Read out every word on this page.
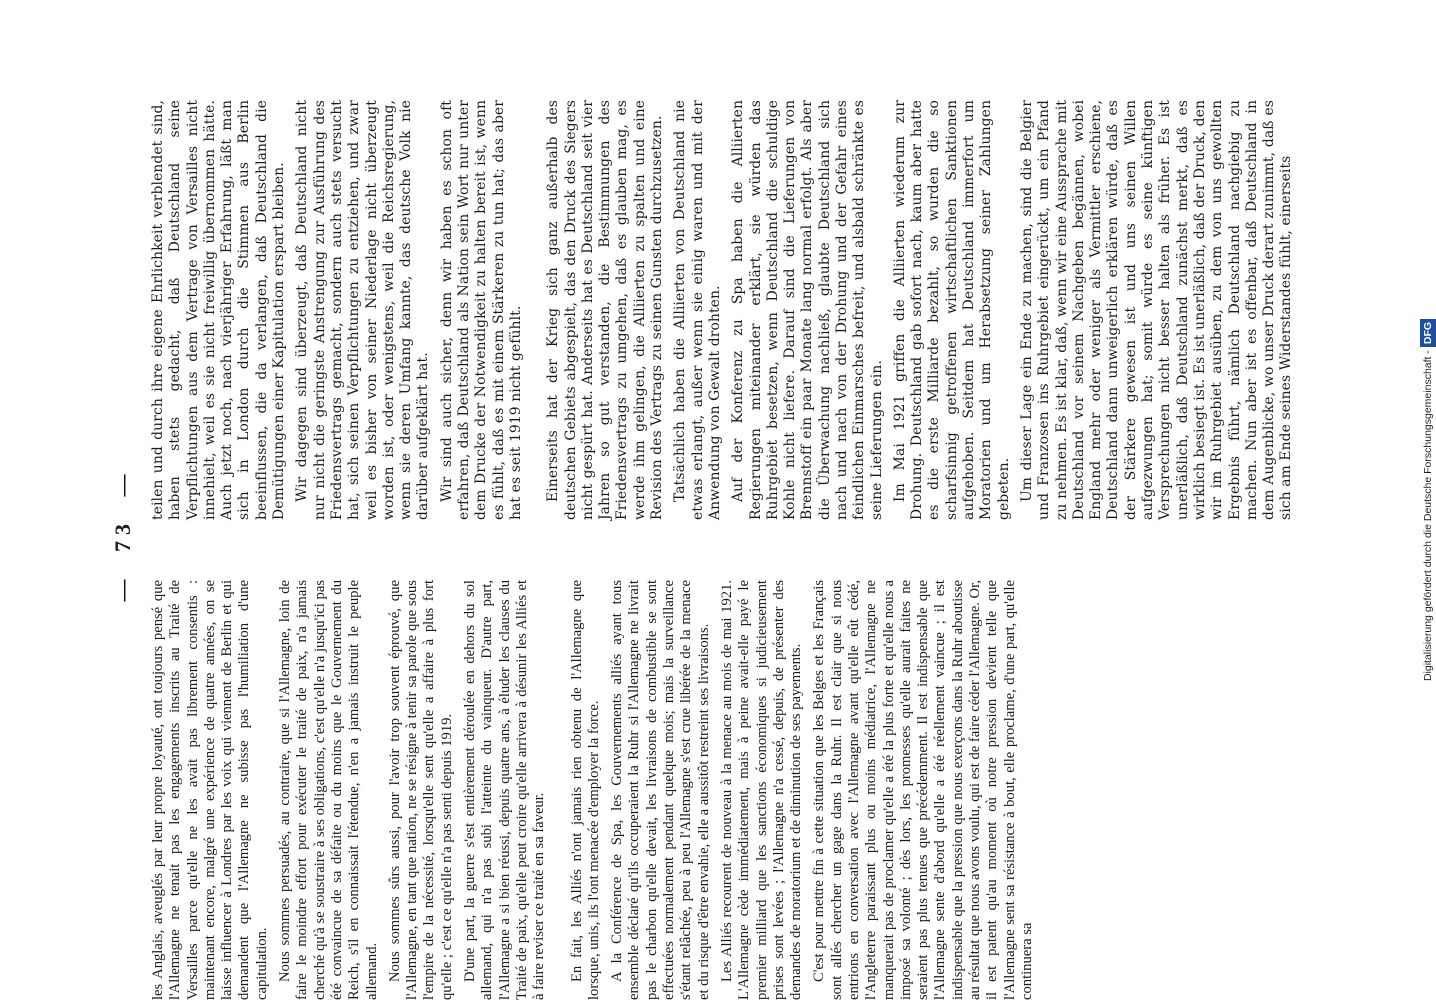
— 73 —

les Anglais, aveuglés par leur propre loyauté, ont toujours pensé que l'Allemagne ne tenait pas les engagements inscrits au Traité de Versailles parce qu'elle ne les avait pas librement consentis : maintenant encore, malgré une expérience de quatre années, on se laisse influencer à Londres par les voix qui viennent de Berlin et qui demandent que l'Allemagne ne subisse pas l'humiliation d'une capitulation. Nous sommes persuadés, au contraire, que si l'Allemagne, loin de faire le moindre effort pour exécuter le traité de paix, n'a jamais cherché qu'à se soustraire à ses obligations, c'est qu'elle n'a jusqu'ici pas été convaincue de sa défaite ou du moins que le Gouvernement du Reich, s'il en connaissait l'étendue, n'en a jamais instruit le peuple allemand. Nous sommes sûrs aussi, pour l'avoir trop souvent éprouvé, que l'Allemagne, en tant que nation, ne se résigne à tenir sa parole que sous l'empire de la nécessité, lorsqu'elle sent qu'elle a affaire à plus fort qu'elle ; c'est ce qu'elle n'a pas senti depuis 1919. D'une part, la guerre s'est entièrement déroulée en dehors du sol allemand, qui n'a pas subi l'atteinte du vainqueur. D'autre part, l'Allemagne a si bien réussi, depuis quatre ans, à éluder les clauses du Traité de paix, qu'elle peut croire qu'elle arrivera à désunir les Alliés et à faire reviser ce traité en sa faveur. En fait, les Alliés n'ont jamais rien obtenu de l'Allemagne que lorsque, unis, ils l'ont menacée d'employer la force. A la Conférence de Spa, les Gouvernements alliés ayant tous ensemble déclaré qu'ils occuperaient la Ruhr si l'Allemagne ne livrait pas le charbon qu'elle devait, les livraisons de combustible se sont effectuées normalement pendant quelque mois; mais la surveillance s'étant relâchée, peu à peu l'Allemagne s'est crue libérée de la menace et du risque d'être envahie, elle a aussitôt restreint ses livraisons. Les Alliés recourent de nouveau à la menace au mois de mai 1921. L'Allemagne cède immédiatement, mais à peine avait-elle payé le premier milliard que les sanctions économiques si judicieusement prises sont levées ; l'Allemagne n'a cessé, depuis, de présenter des demandes de moratorium et de diminution de ses payements. C'est pour mettre fin à cette situation que les Belges et les Français sont allés chercher un gage dans la Ruhr. Il est clair que si nous entrions en conversation avec l'Allemagne avant qu'elle eût cédé, l'Angleterre paraissant plus ou moins médiatrice, l'Allemagne ne manquerait pas de proclamer qu'elle a été la plus forte et qu'elle nous a imposé sa volonté ; dès lors, les promesses qu'elle aurait faites ne seraient pas plus tenues que précédemment. Il est indispensable que l'Allemagne sente d'abord qu'elle a été réellement vaincue ; il est indispensable que la pression que nous exerçons dans la Ruhr aboutisse au résultat que nous avons voulu, qui est de faire céder l'Allemagne. Or, il est patent qu'au moment où notre pression devient telle que l'Allemagne sent sa résistance à bout, elle proclame, d'une part, qu'elle continuera sa

teilen und durch ihre eigene Ehrlichkeit verblendet sind, haben stets gedacht, daß Deutschland seine Verpflichtungen aus dem Vertrage von Versailles nicht innehielt, weil es sie nicht freiwillig übernommen hätte. Auch jetzt noch, nach vierjähriger Erfahrung, läßt man sich in London durch die Stimmen aus Berlin beeinflussen, die da verlangen, daß Deutschland die Demütigungen einer Kapitulation erspart bleiben. Wir dagegen sind überzeugt, daß Deutschland nicht nur nicht die geringste Anstrengung zur Ausführung des Friedensvertrags gemacht, sondern auch stets versucht hat, sich seinen Verpflichtungen zu entziehen, und zwar weil es bisher von seiner Niederlage nicht überzeugt worden ist, oder wenigstens, weil die Reichsregierung, wenn sie deren Umfang kannte, das deutsche Volk nie darüber aufgeklärt hat. Wir sind auch sicher, denn wir haben es schon oft erfahren, daß Deutschland als Nation sein Wort nur unter dem Drucke der Notwendigkeit zu halten bereit ist, wenn es fühlt, daß es mit einem Stärkeren zu tun hat; das aber hat es seit 1919 nicht gefühlt. Einerseits hat der Krieg sich ganz außerhalb des deutschen Gebiets abgespielt, das den Druck des Siegers nicht gespürt hat. Anderseits hat es Deutschland seit vier Jahren so gut verstanden, die Bestimmungen des Friedensvertrags zu umgehen, daß es glauben mag, es werde ihm gelingen, die Alliierten zu spalten und eine Revision des Vertrags zu seinen Gunsten durchzusetzen. Tatsächlich haben die Alliierten von Deutschland nie etwas erlangt, außer wenn sie einig waren und mit der Anwendung von Gewalt drohten. Auf der Konferenz zu Spa haben die Alliierten Regierungen miteinander erklärt, sie würden das Ruhrgebiet besetzen, wenn Deutschland die schuldige Kohle nicht liefere. Darauf sind die Lieferungen von Brennstoff ein paar Monate lang normal erfolgt. Als aber die Überwachung nachließ, glaubte Deutschland sich nach und nach von der Drohung und der Gefahr eines feindlichen Einmarsches befreit, und alsbald schränkte es seine Lieferungen ein. Im Mai 1921 griffen die Alliierten wiederum zur Drohung. Deutschland gab sofort nach, kaum aber hatte es die erste Milliarde bezahlt, so wurden die so scharfsinnig getroffenen wirtschaftlichen Sanktionen aufgehoben. Seitdem hat Deutschland immerfort um Moratorien und um Herabsetzung seiner Zahlungen gebeten. Um dieser Lage ein Ende zu machen, sind die Belgier und Franzosen ins Ruhrgebiet eingerückt, um ein Pfand zu nehmen. Es ist klar, daß, wenn wir eine Aussprache mit Deutschland vor seinem Nachgeben begännen, wobei England mehr oder weniger als Vermittler erschiene, Deutschland dann unweigerlich erklären würde, daß es der Stärkere gewesen ist und uns seinen Willen aufgezwungen hat; somit würde es seine künftigen Versprechungen nicht besser halten als früher. Es ist unerläßlich, daß Deutschland zunächst merkt, daß es wirklich besiegt ist. Es ist unerläßlich, daß der Druck, den wir im Ruhrgebiet ausüben, zu dem von uns gewollten Ergebnis führt, nämlich Deutschland nachgiebig zu machen. Nun aber ist es offenbar, daß Deutschland in dem Augenblicke, wo unser Druck derart zunimmt, daß es sich am Ende seines Widerstandes fühlt, einerseits	Digitalisierung gefördert durch die Deutsche Forschungsgemeinschaft -DFG
